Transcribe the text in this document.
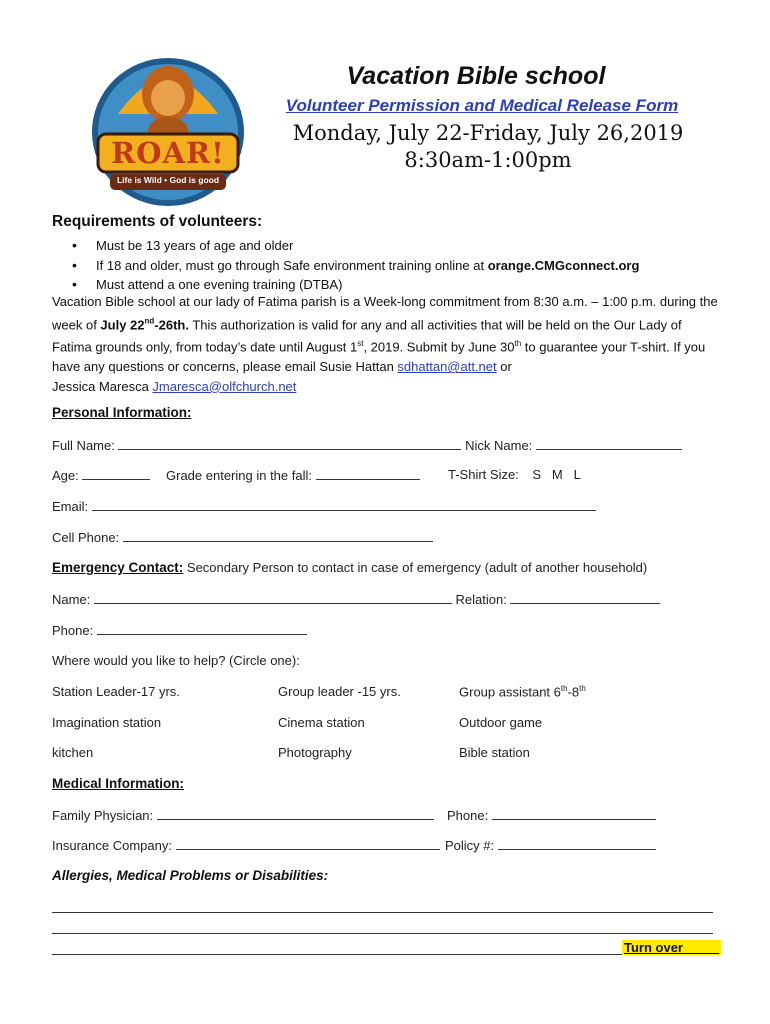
ROAR!
Life is Wild • God is good
Vacation Bible school
Volunteer Permission and Medical Release Form
Monday, July 22-Friday, July 26,2019
8:30am-1:00pm
Requirements of volunteers:
• Must be 13 years of age and older
• If 18 and older, must go through Safe environment training online at orange.CMGconnect.org
• Must attend a one evening training (DTBA)
Vacation Bible school at our lady of Fatima parish is a Week-long commitment from 8:30 a.m. – 1:00 p.m. during the week of July 22nd-26th. This authorization is valid for any and all activities that will be held on the Our Lady of Fatima grounds only, from today’s date until August 1st, 2019. Submit by June 30th to guarantee your T-shirt. If you have any questions or concerns, please email Susie Hattan sdhattan@att.net or
Jessica Maresca Jmaresca@olfchurch.net
Personal Information:
Full Name:	Nick Name:
Age:	Grade entering in the fall:	T-Shirt Size: S   M   L
Email:
Cell Phone:
Emergency Contact: Secondary Person to contact in case of emergency (adult of another household)
Name:	Relation:
Phone:
Where would you like to help? (Circle one):
Station Leader-17 yrs.	Group leader -15 yrs.	Group assistant 6th-8th
Imagination station	Cinema station	Outdoor game
kitchen	Photography	Bible station
Medical Information:
Family Physician:	Phone:
Insurance Company:	Policy #:
Allergies, Medical Problems or Disabilities:
Turn over_____
